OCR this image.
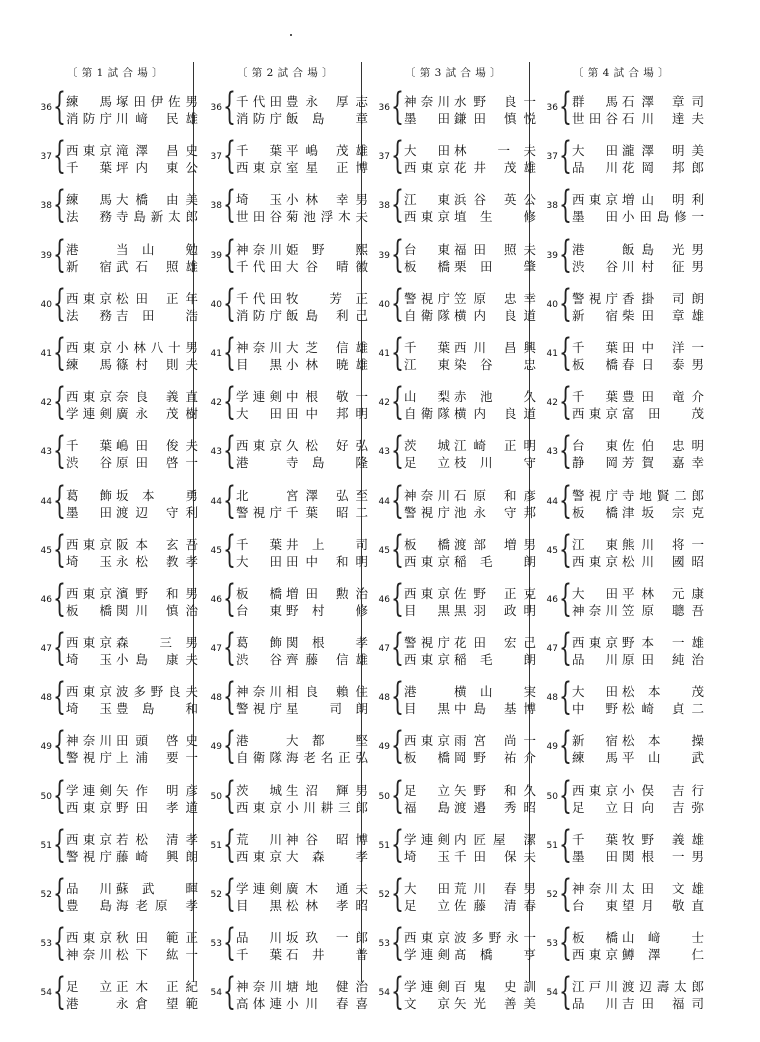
〔 第 1 試 合 場 〕
36 { 練 馬 塚田伊佐男
消防庁 川﨑 民雄
37 { 西東京 滝澤 昌史
千 葉 坪内 東公
38 { 練 馬 大橋 由美
法 務 寺島新太郎
39 { 港	当山 勉
新 宿 武石 照雄
40 { 西東京 松田 正年
法 務 吉田 浩
41 { 西東京 小林八十男
練 馬 篠村 則夫
42 { 西東京 奈良 義直
学連剣 廣永 茂樹
43 { 千 葉 嶋田 俊夫
渋 谷 原田 啓一
44 { 葛 飾 坂本 勇
墨 田 渡辺 守利
45 { 西東京 阪本 玄吾
埼 玉 永松 教孝
46 { 西東京 濱野 和男
板 橋 関川 慎治
47 { 西東京 森 三男
埼 玉 小島 康夫
48 { 西東京 波多野良夫
埼 玉 豊島 和
49 { 神奈川 田頭 啓史
警視庁 上浦 要一
50 { 学連剣 矢作 明彦
西東京 野田 孝道
51 { 西東京 若松 清孝
警視庁 藤崎 興朗
52 { 品 川 蘇武 暉
豊 島 海老原 孝
53 { 西東京 秋田 範正
神奈川 松下 紘一
54 { 足 立 正木 正紀
港	永倉 望範
〔 第 2 試 合 場 〕
36 { 千代田 豊永 厚志
消防庁 飯島 章
37 { 千 葉 平嶋 茂雄
西東京 室星 正博
38 { 埼 玉 小林 幸男
世田谷 菊池浮木夫
39 { 神奈川 姫野 熙
千代田 大谷 晴徽
40 { 千代田 牧 芳正
消防庁 飯島 利己
41 { 神奈川 大芝 信雄
目 黒 小林 暁雄
42 { 学連剣 中根 敬一
大 田 田中 邦明
43 { 西東京 久松 好弘
港	寺島 隆
44 { 北	宮澤 弘至
警視庁 千葉 昭二
45 { 千 葉 井上 司
大 田 田中 和明
46 { 板 橋 増田 勲治
台 東 野村 修
47 { 葛 飾 関根 孝
渋 谷 齊藤 信雄
48 { 神奈川 相良 賴住
警視庁 星 司朗
49 { 港	大都 堅
自衛隊 海老名正弘
50 { 茨 城 生沼 輝男
西東京 小川耕三郎
51 { 荒 川 神谷 昭博
西東京 大森 孝
52 { 学連剣 廣木 通夫
目 黒 松林 孝昭
53 { 品 川 坂玖 一郎
千 葉 石井 普
54 { 神奈川 塘地 健治
高体連 小川 春喜
〔 第 3 試 合 場 〕
36 { 神奈川 水野 良一
墨 田 鎌田 慎悦
37 { 大 田 林 一夫
西東京 花井 茂雄
38 { 江 東 浜谷 英公
西東京 埴生 修
39 { 台 東 福田 照夫
板 橋 栗田 肇
40 { 警視庁 笠原 忠幸
自衛隊 横内 良道
41 { 千 葉 西川 昌興
江 東 染谷 忠
42 { 山 梨 赤池 久
自衛隊 横内 良道
43 { 茨 城 江崎 正明
足 立 枝川 守
44 { 神奈川 石原 和彦
警視庁 池永 守邦
45 { 板 橋 渡部 増男
西東京 稲毛 朗
46 { 西東京 佐野 正克
目 黒 黒羽 政明
47 { 警視庁 花田 宏己
西東京 稲毛 朗
48 { 港	横山 実
目 黒 中島 基博
49 { 西東京 雨宮 尚一
板 橋 岡野 祐介
50 { 足 立 矢野 和久
福 島 渡邉 秀昭
51 { 学連剣 内匠屋 潔
埼 玉 千田 保夫
52 { 大 田 荒川 春男
足 立 佐藤 清春
53 { 西東京 波多野永一
学連剣 髙橋 亨
54 { 学連剣 百鬼 史訓
文 京 矢光 善美
〔 第 4 試 合 場 〕
36 { 群 馬 石澤 章司
世田谷 石川 達夫
37 { 大 田 瀧澤 明美
品 川 花岡 邦郎
38 { 西東京 増山 明利
墨 田 小田島修一
39 { 港	飯島 光男
渋 谷 川村 征男
40 { 警視庁 香掛 司朗
新 宿 柴田 章雄
41 { 千 葉 田中 洋一
板 橋 春日 泰男
42 { 千 葉 豊田 竜介
西東京 富田 茂
43 { 台 東 佐伯 忠明
静 岡 芳賀 嘉幸
44 { 警視庁 寺地賢二郎
板 橋 津坂 宗克
45 { 江 東 熊川 将一
西東京 松川 國昭
46 { 大 田 平林 元康
神奈川 笠原 聰吾
47 { 西東京 野本 一雄
品 川 原田 純治
48 { 大 田 松本 茂
中 野 松崎 貞二
49 { 新 宿 松本 操
練 馬 平山 武
50 { 西東京 小俣 吉行
足 立 日向 吉弥
51 { 千 葉 牧野 義雄
墨 田 関根 一男
52 { 神奈川 太田 文雄
台 東 望月 敬直
53 { 板 橋 山﨑 士
西東京 鱒澤 仁
54 { 江戸川 渡辺壽太郎
品 川 吉田 福司
